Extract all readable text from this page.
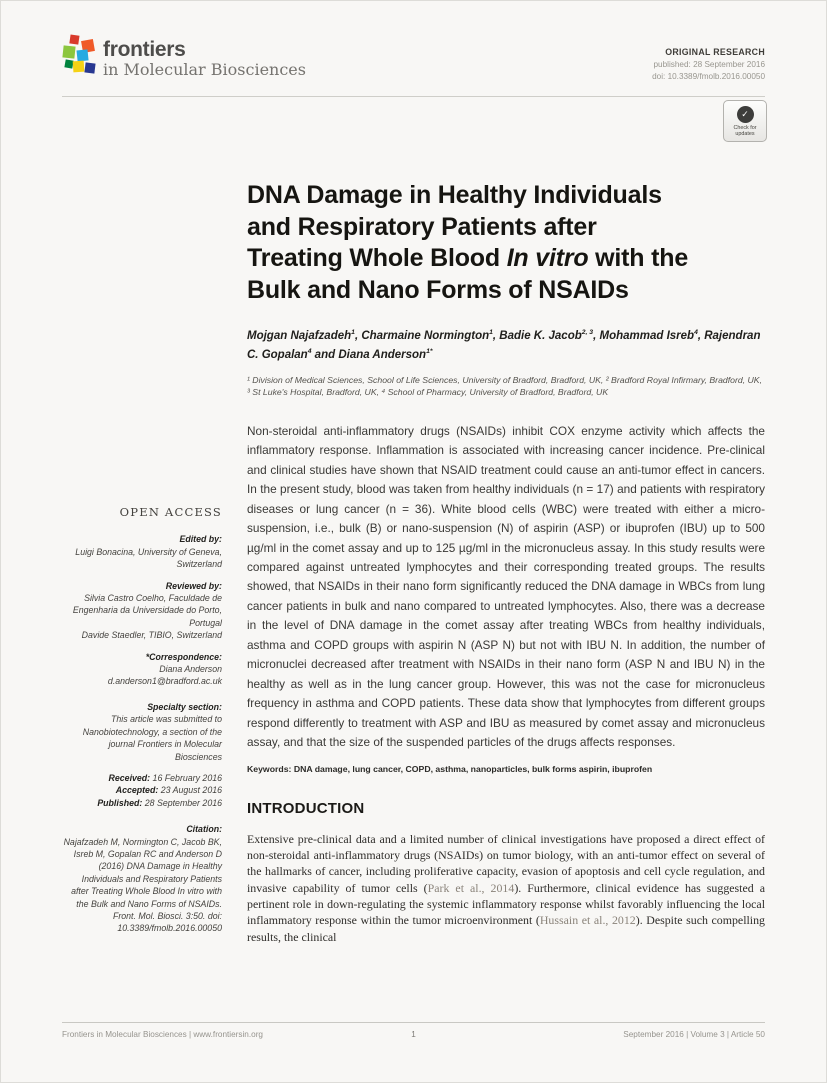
frontiers
in Molecular Biosciences
ORIGINAL RESEARCH
published: 28 September 2016
doi: 10.3389/fmolb.2016.00050
✓
Check for
updates
OPEN ACCESS
Edited by:
Luigi Bonacina, University of Geneva, Switzerland
Reviewed by:
Silvia Castro Coelho, Faculdade de Engenharia da Universidade do Porto, Portugal
Davide Staedler, TIBIO, Switzerland
*Correspondence:
Diana Anderson
d.anderson1@bradford.ac.uk
Specialty section:
This article was submitted to Nanobiotechnology, a section of the journal Frontiers in Molecular Biosciences
Received: 16 February 2016
Accepted: 23 August 2016
Published: 28 September 2016
Citation:
Najafzadeh M, Normington C, Jacob BK, Isreb M, Gopalan RC and Anderson D (2016) DNA Damage in Healthy Individuals and Respiratory Patients after Treating Whole Blood In vitro with the Bulk and Nano Forms of NSAIDs. Front. Mol. Biosci. 3:50. doi: 10.3389/fmolb.2016.00050
DNA Damage in Healthy Individuals
and Respiratory Patients after
Treating Whole Blood In vitro with the
Bulk and Nano Forms of NSAIDs

Mojgan Najafzadeh$^1$, Charmaine Normington$^1$, Badie K. Jacob$^{2, 3}$, Mohammad Isreb$^4$, Rajendran C. Gopalan$^4$ and Diana Anderson$^{1*}$

¹ Division of Medical Sciences, School of Life Sciences, University of Bradford, Bradford, UK, ² Bradford Royal Infirmary, Bradford, UK, ³ St Luke's Hospital, Bradford, UK, ⁴ School of Pharmacy, University of Bradford, Bradford, UK

Non-steroidal anti-inflammatory drugs (NSAIDs) inhibit COX enzyme activity which affects the inflammatory response. Inflammation is associated with increasing cancer incidence. Pre-clinical and clinical studies have shown that NSAID treatment could cause an anti-tumor effect in cancers. In the present study, blood was taken from healthy individuals (n = 17) and patients with respiratory diseases or lung cancer (n = 36). White blood cells (WBC) were treated with either a micro-suspension, i.e., bulk (B) or nano-suspension (N) of aspirin (ASP) or ibuprofen (IBU) up to 500 µg/ml in the comet assay and up to 125 µg/ml in the micronucleus assay. In this study results were compared against untreated lymphocytes and their corresponding treated groups. The results showed, that NSAIDs in their nano form significantly reduced the DNA damage in WBCs from lung cancer patients in bulk and nano compared to untreated lymphocytes. Also, there was a decrease in the level of DNA damage in the comet assay after treating WBCs from healthy individuals, asthma and COPD groups with aspirin N (ASP N) but not with IBU N. In addition, the number of micronuclei decreased after treatment with NSAIDs in their nano form (ASP N and IBU N) in the healthy as well as in the lung cancer group. However, this was not the case for micronucleus frequency in asthma and COPD patients. These data show that lymphocytes from different groups respond differently to treatment with ASP and IBU as measured by comet assay and micronucleus assay, and that the size of the suspended particles of the drugs affects responses.

Keywords: DNA damage, lung cancer, COPD, asthma, nanoparticles, bulk forms aspirin, ibuprofen

INTRODUCTION

Extensive pre-clinical data and a limited number of clinical investigations have proposed a direct effect of non-steroidal anti-inflammatory drugs (NSAIDs) on tumor biology, with an anti-tumor effect on several of the hallmarks of cancer, including proliferative capacity, evasion of apoptosis and cell cycle regulation, and invasive capability of tumor cells (Park et al., 2014). Furthermore, clinical evidence has suggested a pertinent role in down-regulating the systemic inflammatory response whilst favorably influencing the local inflammatory response within the tumor microenvironment (Hussain et al., 2012). Despite such compelling results, the clinical

Frontiers in Molecular Biosciences | www.frontiersin.org	1	September 2016 | Volume 3 | Article 50
